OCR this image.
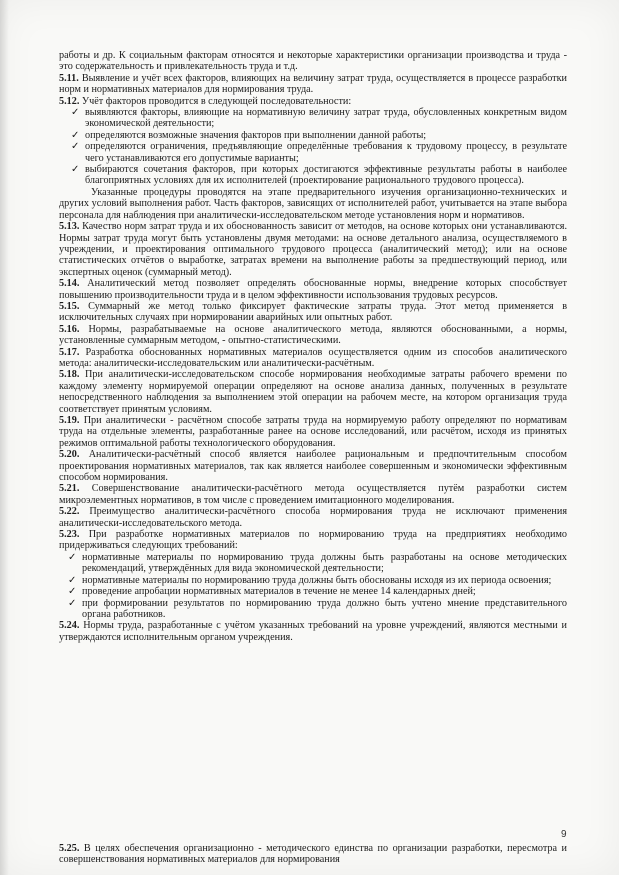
работы и др. К социальным факторам относятся и некоторые характеристики организации производства и труда - это содержательность и привлекательность труда и т.д.

5.11. Выявление и учёт всех факторов, влияющих на величину затрат труда, осуществляется в процессе разработки норм и нормативных материалов для нормирования труда.

5.12. Учёт факторов проводится в следующей последовательности:

✓ выявляются факторы, влияющие на нормативную величину затрат труда, обусловленных конкретным видом экономической деятельности;
✓ определяются возможные значения факторов при выполнении данной работы;
✓ определяются ограничения, предъявляющие определённые требования к трудовому процессу, в результате чего устанавливаются его допустимые варианты;
✓ выбираются сочетания факторов, при которых достигаются эффективные результаты работы в наиболее благоприятных условиях для их исполнителей (проектирование рационального трудового процесса).

Указанные процедуры проводятся на этапе предварительного изучения организационно-технических и других условий выполнения работ. Часть факторов, зависящих от исполнителей работ, учитывается на этапе выбора персонала для наблюдения при аналитически-исследовательском методе установления норм и нормативов.

5.13. Качество норм затрат труда и их обоснованность зависит от методов, на основе которых они устанавливаются. Нормы затрат труда могут быть установлены двумя методами: на основе детального анализа, осуществляемого в учреждении, и проектирования оптимального трудового процесса (аналитический метод); или на основе статистических отчётов о выработке, затратах времени на выполнение работы за предшествующий период, или экспертных оценок (суммарный метод).

5.14. Аналитический метод позволяет определять обоснованные нормы, внедрение которых способствует повышению производительности труда и в целом эффективности использования трудовых ресурсов.

5.15. Суммарный же метод только фиксирует фактические затраты труда. Этот метод применяется в исключительных случаях при нормировании аварийных или опытных работ.

5.16. Нормы, разрабатываемые на основе аналитического метода, являются обоснованными, а нормы, установленные суммарным методом, - опытно-статистическими.

5.17. Разработка обоснованных нормативных материалов осуществляется одним из способов аналитического метода: аналитически-исследовательским или аналитически-расчётным.

5.18. При аналитически-исследовательском способе нормирования необходимые затраты рабочего времени по каждому элементу нормируемой операции определяют на основе анализа данных, полученных в результате непосредственного наблюдения за выполнением этой операции на рабочем месте, на котором организация труда соответствует принятым условиям.

5.19. При аналитически - расчётном способе затраты труда на нормируемую работу определяют по нормативам труда на отдельные элементы, разработанные ранее на основе исследований, или расчётом, исходя из принятых режимов оптимальной работы технологического оборудования.

5.20. Аналитически-расчётный способ является наиболее рациональным и предпочтительным способом проектирования нормативных материалов, так как является наиболее совершенным и экономически эффективным способом нормирования.

5.21. Совершенствование аналитически-расчётного метода осуществляется путём разработки систем микроэлементных нормативов, в том числе с проведением имитационного моделирования.

5.22. Преимущество аналитически-расчётного способа нормирования труда не исключают применения аналитически-исследовательского метода.

5.23. При разработке нормативных материалов по нормированию труда на предприятиях необходимо придерживаться следующих требований:

✓ нормативные материалы по нормированию труда должны быть разработаны на основе методических рекомендаций, утверждённых для вида экономической деятельности;
✓ нормативные материалы по нормированию труда должны быть обоснованы исходя из их периода освоения;
✓ проведение апробации нормативных материалов в течение не менее 14 календарных дней;
✓ при формировании результатов по нормированию труда должно быть учтено мнение представительного органа работников.

5.24. Нормы труда, разработанные с учётом указанных требований на уровне учреждений, являются местными и утверждаются исполнительным органом учреждения.

9

5.25. В целях обеспечения организационно - методического единства по организации разработки, пересмотра и совершенствования нормативных материалов для нормирования
